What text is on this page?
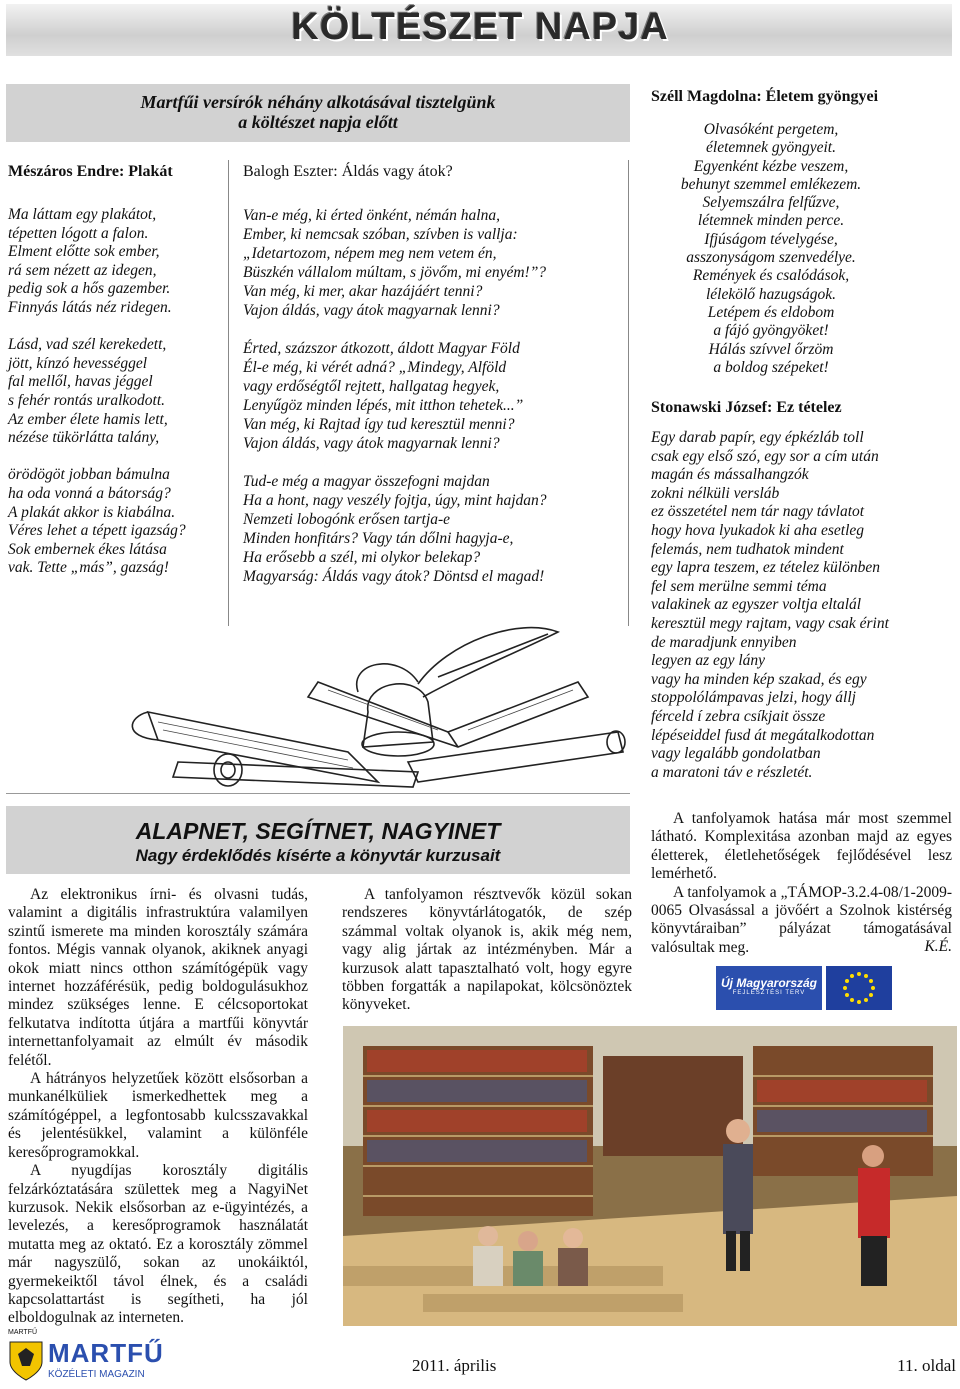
KÖLTÉSZET NAPJA
Martfűi versírók néhány alkotásával tisztelgünk
a költészet napja előtt
Mészáros Endre: Plakát
Ma láttam egy plakátot,
tépetten lógott a falon.
Elment előtte sok ember,
rá sem nézett az idegen,
pedig sok a hős gazember.
Finnyás látás néz ridegen.

Lásd, vad szél kerekedett,
jött, kínzó hevességgel
fal mellől, havas jéggel
s fehér rontás uralkodott.
Az ember élete hamis lett,
nézése tükörlátta talány,

örödögöt jobban bámulna
ha oda vonná a bátorság?
A plakát akkor is kiabálna.
Véres lehet a tépett igazság?
Sok embernek ékes látása
vak. Tette „más”, gazság!
Balogh Eszter: Áldás vagy átok?
Van-e még, ki érted önként, némán halna,
Ember, ki nemcsak szóban, szívben is vallja:
„Idetartozom, népem meg nem vetem én,
Büszkén vállalom múltam, s jövőm, mi enyém!”?
Van még, ki mer, akar hazájáért tenni?
Vajon áldás, vagy átok magyarnak lenni?

Érted, százszor átkozott, áldott Magyar Föld
Él-e még, ki vérét adná? „Mindegy, Alföld
vagy erdőségtől rejtett, hallgatag hegyek,
Lenyűgöz minden lépés, mit itthon tehetek...”
Van még, ki Rajtad így tud keresztül menni?
Vajon áldás, vagy átok magyarnak lenni?

Tud-e még a magyar összefogni majdan
Ha a hont, nagy veszély fojtja, úgy, mint hajdan?
Nemzeti lobogónk erősen tartja-e
Minden honfitárs? Vagy tán dőlni hagyja-e,
Ha erősebb a szél, mi olykor belekap?
Magyarság: Áldás vagy átok? Döntsd el magad!
Széll Magdolna: Életem gyöngyei
Olvasóként pergetem,
életemnek gyöngyeit.
Egyenként kézbe veszem,
behunyt szemmel emlékezem.
Selyemszálra felfűzve,
létemnek minden perce.
Ifjúságom tévelygése,
asszonyságom szenvedélye.
Remények és csalódások,
lélekölő hazugságok.
Letépem és eldobom
a fájó gyöngyöket!
Hálás szívvel őrzöm
a boldog szépeket!
Stonawski József: Ez tételez
Egy darab papír, egy épkézláb toll
csak egy első szó, egy sor a cím után
magán és mássalhangzók
zokni nélküli versláb
ez összetétel nem tár nagy távlatot
hogy hova lyukadok ki aha esetleg
felemás, nem tudhatok mindent
egy lapra teszem, ez tételez különben
fel sem merülne semmi téma
valakinek az egyszer voltja eltalál
keresztül megy rajtam, vagy csak érint
de maradjunk ennyiben
legyen az egy lány
vagy ha minden kép szakad, és egy
stoppolólámpavas jelzi, hogy állj
férceld í zebra csíkjait össze
lépéseiddel fusd át megátalkodottan
vagy legalább gondolatban
a maratoni táv e részletét.
ALAPNET, SEGÍTNET, NAGYINET
Nagy érdeklődés kísérte a könyvtár kurzusait

Az elektronikus írni- és olvasni tudás, valamint a digitális infrastruktúra valamilyen szintű ismerete ma minden korosztály számára fontos. Mégis vannak olyanok, akiknek anyagi okok miatt nincs otthon számítógépük vagy internet hozzáférésük, pedig boldogulásukhoz mindez szükséges lenne. E célcsoportokat felkutatva indította útjára a martfűi könyvtár internettanfolyamait az elmúlt év második felétől.

A hátrányos helyzetűek között elsősorban a munkanélküliek ismerkedhettek meg a számítógéppel, a legfontosabb kulcsszavakkal és jelentésükkel, valamint a különféle keresőprogramokkal.

A nyugdíjas korosztály digitális felzárkóztatására születtek meg a NagyiNet kurzusok. Nekik elsősorban az e-ügyintézés, a levelezés, a keresőprogramok használatát mutatta meg az oktató. Ez a korosztály zömmel már nagyszülő, sokan az unokáiktól, gyermekeiktől távol élnek, és a családi kapcsolattartást is segítheti, ha jól elboldogulnak az interneten.

A tanfolyamon résztvevők közül sokan rendszeres könyvtárlátogatók, de szép számmal voltak olyanok is, akik még nem, vagy alig jártak az intézményben. Már a kurzusok alatt tapasztalható volt, hogy egyre többen forgatták a napilapokat, kölcsönöztek könyveket.

A tanfolyamok hatása már most szemmel látható. Komplexitása azonban majd az egyes életterek, életlehetőségek fejlődésével lesz lemérhető.

A tanfolyamok a „TÁMOP-3.2.4-08/1-2009-0065 Olvasással a jövőért a Szolnok kistérség könyvtáraiban” pályázat támogatásával valósultak meg.	K.É.
Új Magyarország
FEJLESZTÉSI TERV
MARTFŰ
MARTFŰ
KÖZÉLETI MAGAZIN	2011. április	11. oldal
